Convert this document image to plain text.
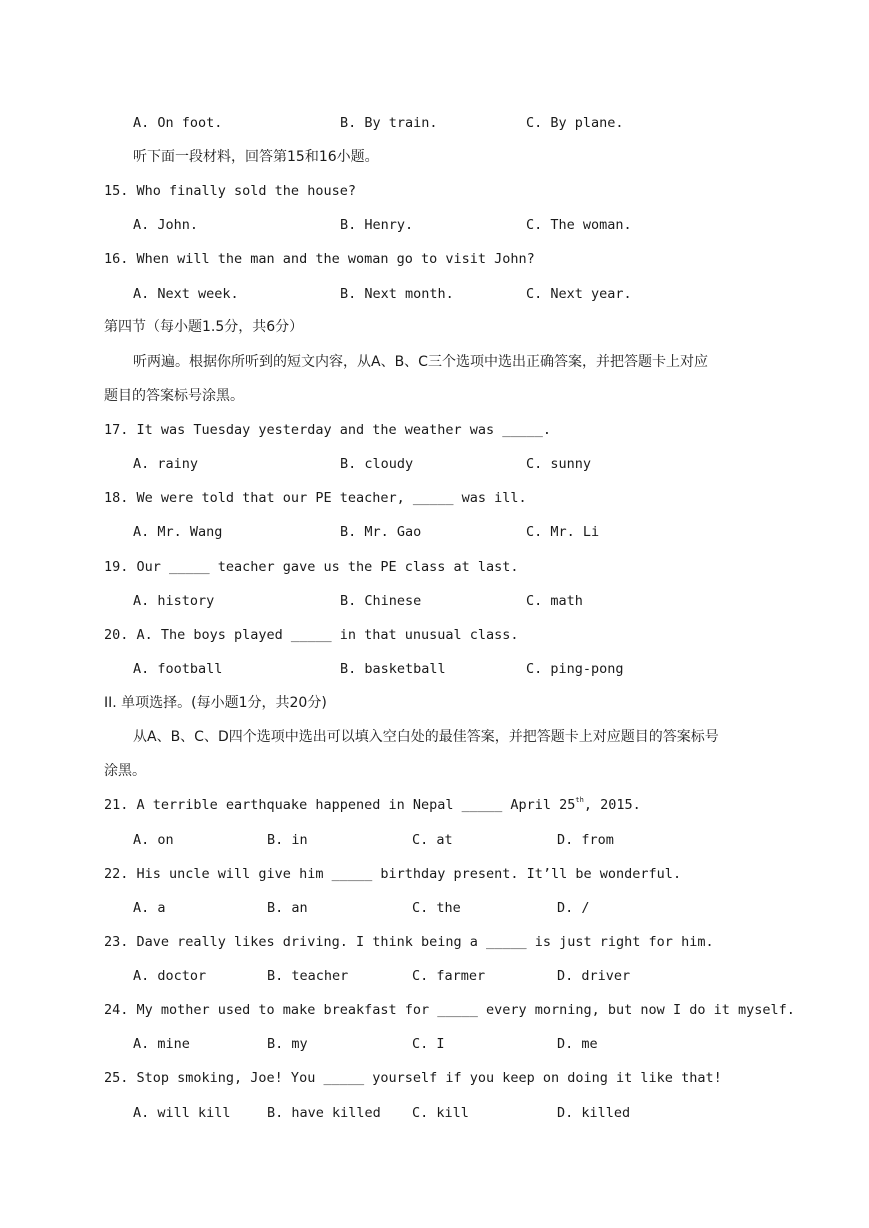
A. On foot.	B. By train.	C. By plane.
听下面一段材料，回答第15和16小题。
15. Who finally sold the house?
A. John.	B. Henry.	C. The woman.
16. When will the man and the woman go to visit John?
A. Next week.	B. Next month.	C. Next year.
第四节（每小题1.5分，共6分）
听两遍。根据你所听到的短文内容，从A、B、C三个选项中选出正确答案，并把答题卡上对应
题目的答案标号涂黑。
17. It was Tuesday yesterday and the weather was _____.
A. rainy	B. cloudy	C. sunny
18. We were told that our PE teacher, _____ was ill.
A. Mr. Wang	B. Mr. Gao	C. Mr. Li
19. Our _____ teacher gave us the PE class at last.
A. history	B. Chinese	C. math
20. A. The boys played _____ in that unusual class.
A. football	B. basketball	C. ping-pong
II. 单项选择。(每小题1分，共20分)
从A、B、C、D四个选项中选出可以填入空白处的最佳答案，并把答题卡上对应题目的答案标号
涂黑。
21. A terrible earthquake happened in Nepal _____ April 25th, 2015.
A. on	B. in	C. at	D. from
22. His uncle will give him _____ birthday present. It’ll be wonderful.
A. a	B. an	C. the	D. /
23. Dave really likes driving. I think being a _____ is just right for him.
A. doctor	B. teacher	C. farmer	D. driver
24. My mother used to make breakfast for _____ every morning, but now I do it myself.
A. mine	B. my	C. I	D. me
25. Stop smoking, Joe! You _____ yourself if you keep on doing it like that!
A. will kill	B. have killed C. kill	D. killed
